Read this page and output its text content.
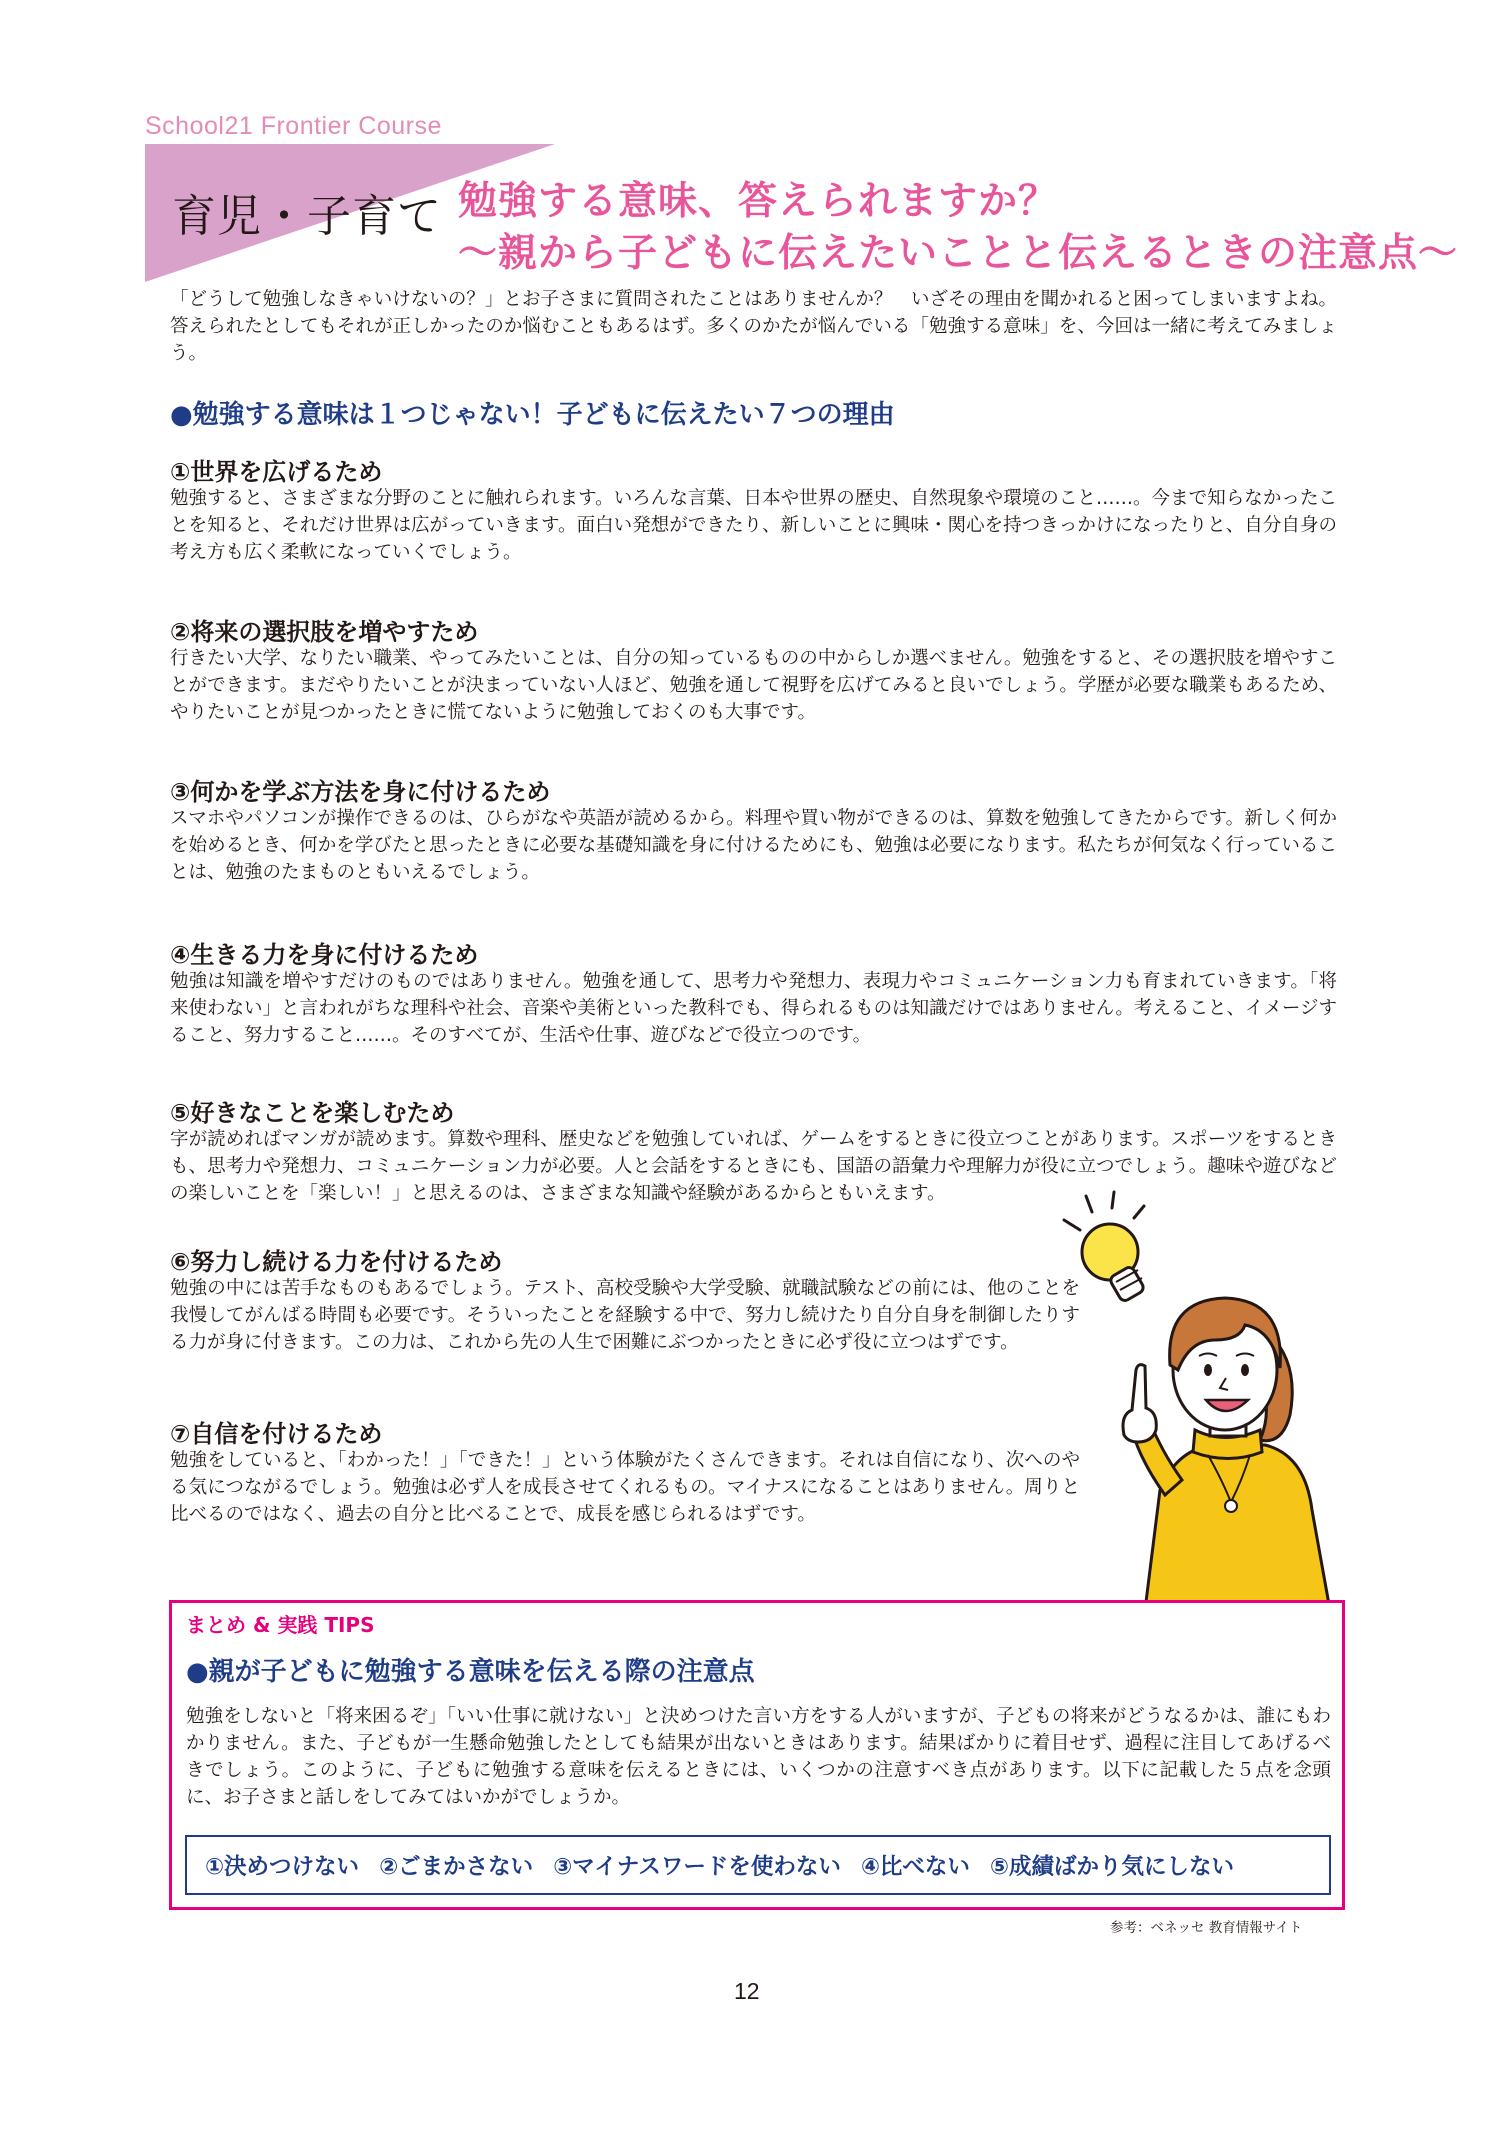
School21 Frontier Course
育児・子育て 勉強する意味、答えられますか？
～親から子どもに伝えたいことと伝えるときの注意点～

「どうして勉強しなきゃいけないの？」とお子さまに質問されたことはありませんか？　いざその理由を聞かれると困ってしまいますよね。答えられたとしてもそれが正しかったのか悩むこともあるはず。多くのかたが悩んでいる「勉強する意味」を、今回は一緒に考えてみましょう。

●勉強する意味は１つじゃない！子どもに伝えたい７つの理由
①世界を広げるため

勉強すると、さまざまな分野のことに触れられます。いろんな言葉、日本や世界の歴史、自然現象や環境のこと……。今まで知らなかったことを知ると、それだけ世界は広がっていきます。面白い発想ができたり、新しいことに興味・関心を持つきっかけになったりと、自分自身の考え方も広く柔軟になっていくでしょう。

②将来の選択肢を増やすため

行きたい大学、なりたい職業、やってみたいことは、自分の知っているものの中からしか選べません。勉強をすると、その選択肢を増やすことができます。まだやりたいことが決まっていない人ほど、勉強を通して視野を広げてみると良いでしょう。学歴が必要な職業もあるため、やりたいことが見つかったときに慌てないように勉強しておくのも大事です。

③何かを学ぶ方法を身に付けるため

スマホやパソコンが操作できるのは、ひらがなや英語が読めるから。料理や買い物ができるのは、算数を勉強してきたからです。新しく何かを始めるとき、何かを学びたと思ったときに必要な基礎知識を身に付けるためにも、勉強は必要になります。私たちが何気なく行っていることは、勉強のたまものともいえるでしょう。

④生きる力を身に付けるため

勉強は知識を増やすだけのものではありません。勉強を通して、思考力や発想力、表現力やコミュニケーション力も育まれていきます。「将来使わない」と言われがちな理科や社会、音楽や美術といった教科でも、得られるものは知識だけではありません。考えること、イメージすること、努力すること……。そのすべてが、生活や仕事、遊びなどで役立つのです。

⑤好きなことを楽しむため

字が読めればマンガが読めます。算数や理科、歴史などを勉強していれば、ゲームをするときに役立つことがあります。スポーツをするときも、思考力や発想力、コミュニケーション力が必要。人と会話をするときにも、国語の語彙力や理解力が役に立つでしょう。趣味や遊びなどの楽しいことを「楽しい！」と思えるのは、さまざまな知識や経験があるからともいえます。

⑥努力し続ける力を付けるため

勉強の中には苦手なものもあるでしょう。テスト、高校受験や大学受験、就職試験などの前には、他のことを我慢してがんばる時間も必要です。そういったことを経験する中で、努力し続けたり自分自身を制御したりする力が身に付きます。この力は、これから先の人生で困難にぶつかったときに必ず役に立つはずです。

⑦自信を付けるため

勉強をしていると、「わかった！」「できた！」という体験がたくさんできます。それは自信になり、次へのやる気につながるでしょう。勉強は必ず人を成長させてくれるもの。マイナスになることはありません。周りと比べるのではなく、過去の自分と比べることで、成長を感じられるはずです。

まとめ & 実践 TIPS
●親が子どもに勉強する意味を伝える際の注意点

勉強をしないと「将来困るぞ」「いい仕事に就けない」と決めつけた言い方をする人がいますが、子どもの将来がどうなるかは、誰にもわかりません。また、子どもが一生懸命勉強したとしても結果が出ないときはあります。結果ばかりに着目せず、過程に注目してあげるべきでしょう。このように、子どもに勉強する意味を伝えるときには、いくつかの注意すべき点があります。以下に記載した５点を念頭に、お子さまと話しをしてみてはいかがでしょうか。

①決めつけない ②ごまかさない ③マイナスワードを使わない ④比べない ⑤成績ばかり気にしない
参考：ベネッセ 教育情報サイト
12
